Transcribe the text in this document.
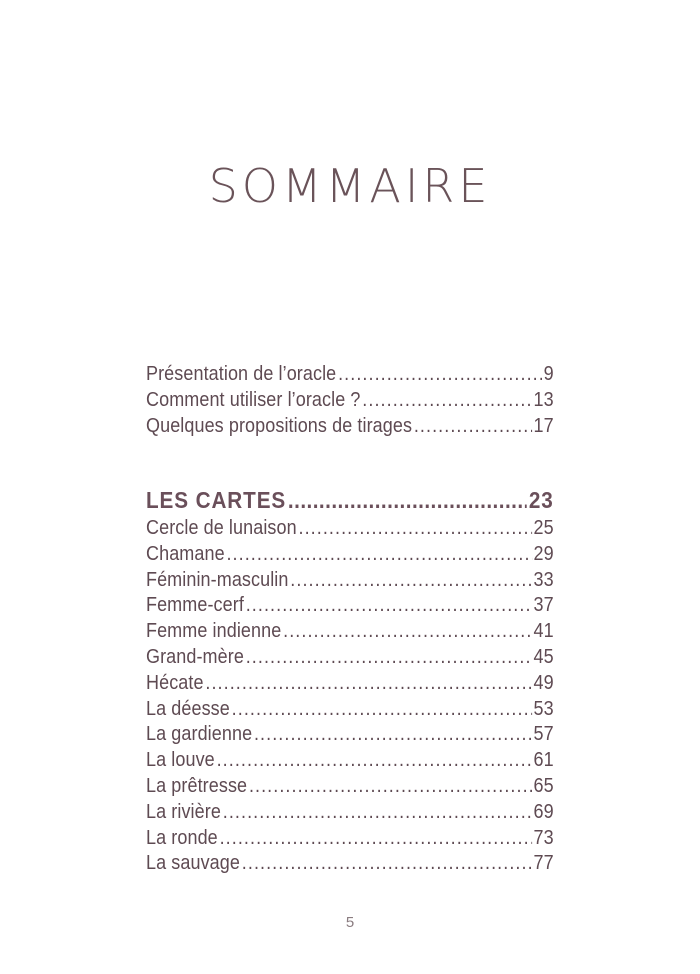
SOMMAIRE
Présentation de l’oracle .....	9
Comment utiliser l’oracle ? .....	13
Quelques propositions de tirages .....	17
LES CARTES .....	23
Cercle de lunaison .....	25
Chamane .....	29
Féminin-masculin .....	33
Femme-cerf .....	37
Femme indienne .....	41
Grand-mère .....	45
Hécate .....	49
La déesse .....	53
La gardienne .....	57
La louve .....	61
La prêtresse .....	65
La rivière .....	69
La ronde .....	73
La sauvage .....	77
5
